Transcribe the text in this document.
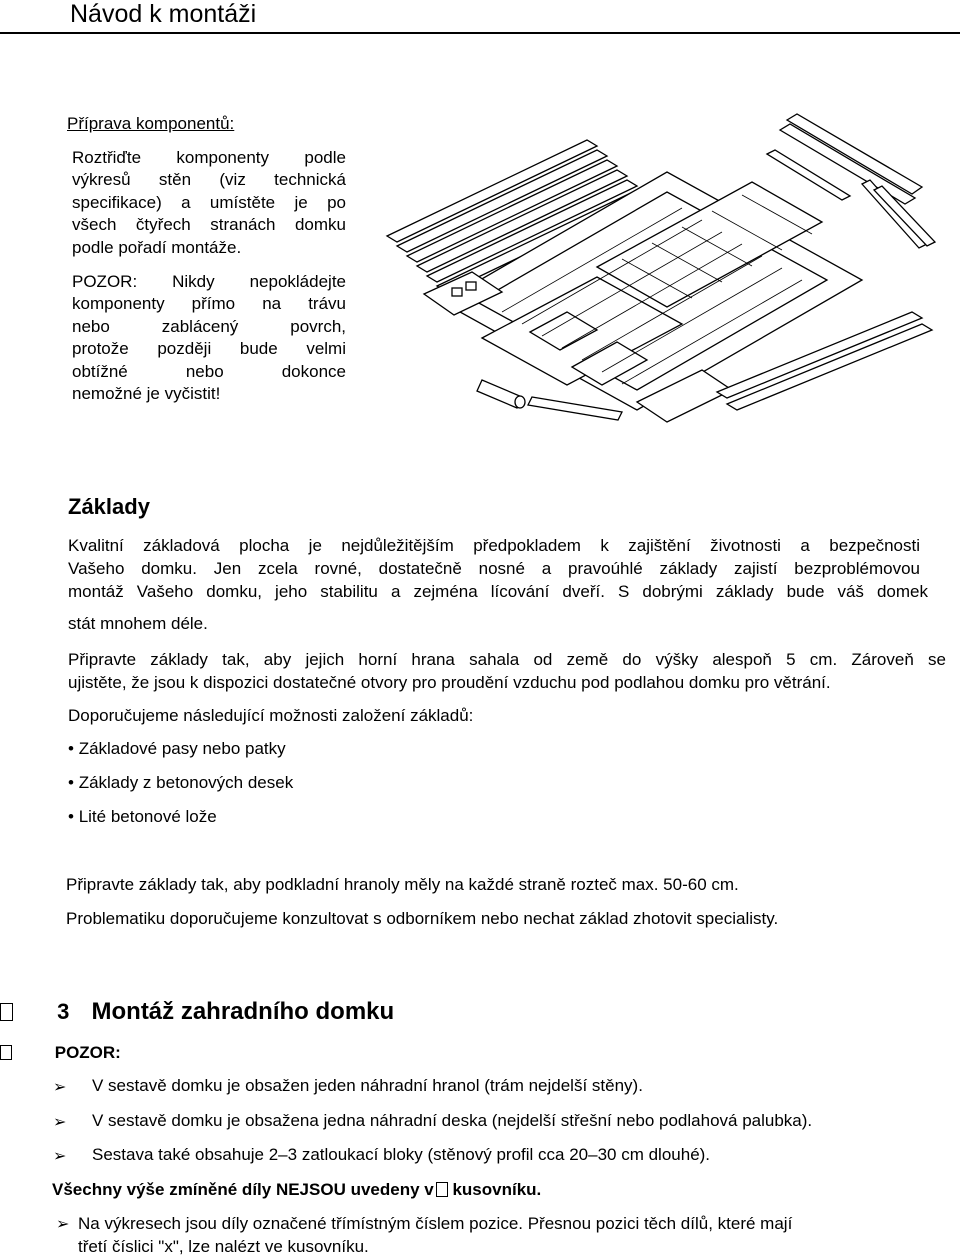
Návod k montáži
Příprava komponentů:
Roztřiďte komponenty podle
výkresů stěn (viz technická
specifikace) a umístěte je po
všech čtyřech stranách domku
podle pořadí montáže.
POZOR: Nikdy nepokládejte
komponenty přímo na trávu
nebo zablácený povrch,
protože později bude velmi
obtížné nebo dokonce
nemožné je vyčistit!
Základy
Kvalitní základová plocha je nejdůležitějším předpokladem k zajištění životnosti a bezpečnosti
Vašeho domku. Jen zcela rovné, dostatečně nosné a pravoúhlé základy zajistí bezproblémovou
montáž Vašeho domku, jeho stabilitu a zejména lícování dveří. S dobrými základy bude váš domek
stát mnohem déle.
Připravte základy tak, aby jejich horní hrana sahala od země do výšky alespoň 5 cm. Zároveň se
ujistěte, že jsou k dispozici dostatečné otvory pro proudění vzduchu pod podlahou domku pro větrání.
Doporučujeme následující možnosti založení základů:
• Základové pasy nebo patky
• Základy z betonových desek
• Lité betonové lože
Připravte základy tak, aby podkladní hranoly měly na každé straně rozteč max. 50-60 cm.
Problematiku doporučujeme konzultovat s odborníkem nebo nechat základ zhotovit specialisty.
3 Montáž zahradního domku
POZOR:
➢ V sestavě domku je obsažen jeden náhradní hranol (trám nejdelší stěny).
➢ V sestavě domku je obsažena jedna náhradní deska (nejdelší střešní nebo podlahová palubka).
➢ Sestava také obsahuje 2–3 zatloukací bloky (stěnový profil cca 20–30 cm dlouhé).
Všechny výše zmíněné díly NEJSOU uvedeny v kusovníku.
➢ Na výkresech jsou díly označené třímístným číslem pozice. Přesnou pozici těch dílů, které mají
třetí číslici "x", lze nalézt ve kusovníku.
